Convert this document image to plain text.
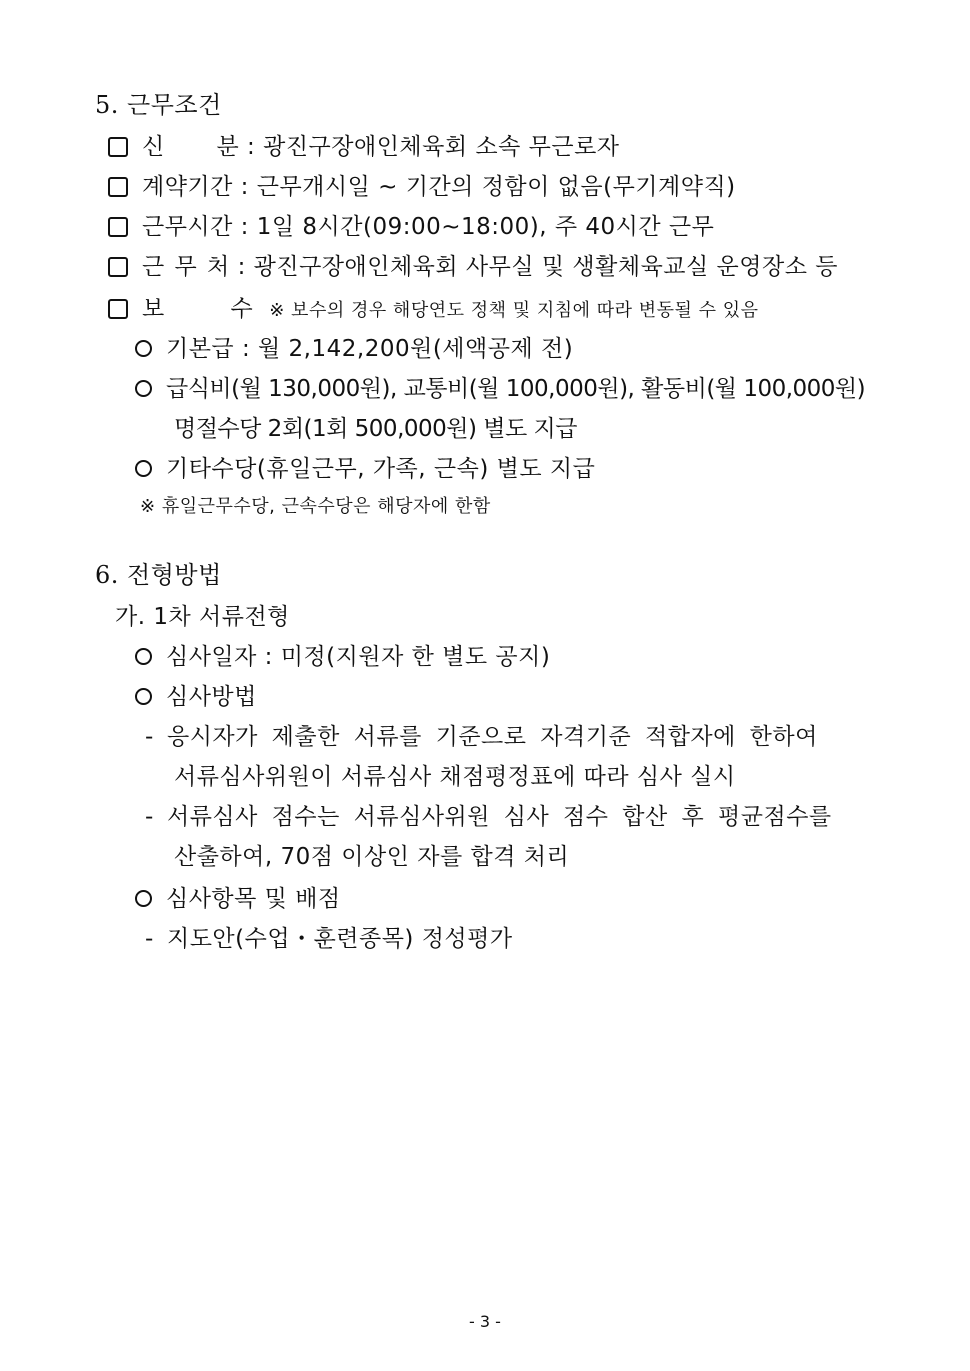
5. 근무조건
신 분 : 광진구장애인체육회 소속 무근로자
계약기간 : 근무개시일 ~ 기간의 정함이 없음(무기계약직)
근무시간 : 1일 8시간(09:00~18:00), 주 40시간 근무
근 무 처 : 광진구장애인체육회 사무실 및 생활체육교실 운영장소 등
보 수 ※ 보수의 경우 해당연도 정책 및 지침에 따라 변동될 수 있음
기본급 : 월 2,142,200원(세액공제 전)
급식비(월 130,000원), 교통비(월 100,000원), 활동비(월 100,000원)
명절수당 2회(1회 500,000원) 별도 지급
기타수당(휴일근무, 가족, 근속) 별도 지급
※ 휴일근무수당, 근속수당은 해당자에 한함
6. 전형방법
가. 1차 서류전형
심사일자 : 미정(지원자 한 별도 공지)
심사방법
- 응시자가 제출한 서류를 기준으로 자격기준 적합자에 한하여
서류심사위원이 서류심사 채점평정표에 따라 심사 실시
- 서류심사 점수는 서류심사위원 심사 점수 합산 후 평균점수를
산출하여, 70점 이상인 자를 합격 처리
심사항목 및 배점
- 지도안(수업・훈련종목) 정성평가
- 3 -
